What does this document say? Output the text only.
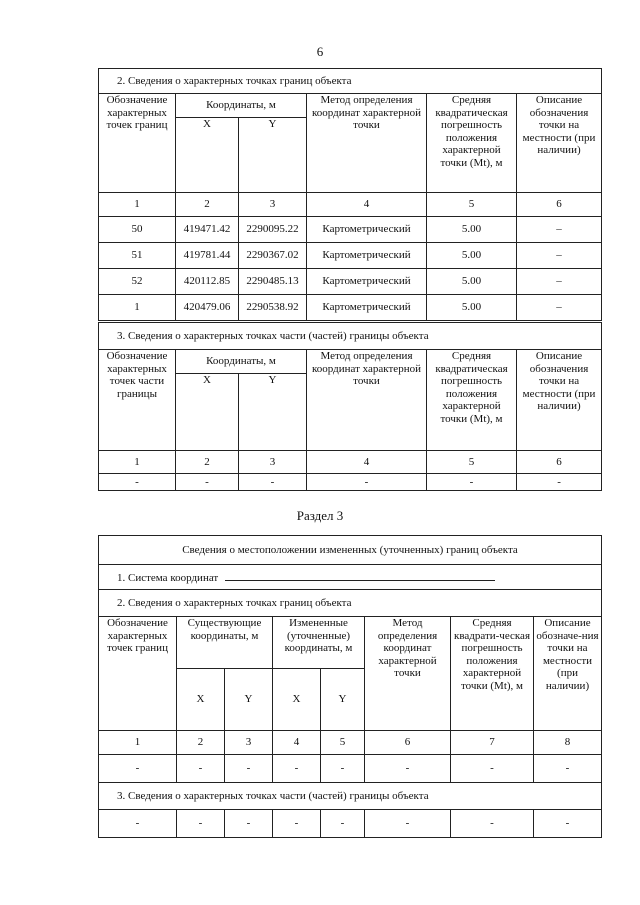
6
2. Сведения о характерных точках границ объекта					
Обозначение характерных точек границ	Координаты, м		Метод определения координат характерной точки	Средняя квадратическая погрешность положения характерной точки (Mt), м	Описание обозначения точки на местности (при наличии)
	X	Y			
1	2	3	4	5	6
50	419471.42	2290095.22	Картометрический	5.00	–
51	419781.44	2290367.02	Картометрический	5.00	–
52	420112.85	2290485.13	Картометрический	5.00	–
1	420479.06	2290538.92	Картометрический	5.00	–
3. Сведения о характерных точках части (частей) границы объекта					
Обозначение характерных точек части границы	Координаты, м		Метод определения координат характерной точки	Средняя квадратическая погрешность положения характерной точки (Mt), м	Описание обозначения точки на местности (при наличии)
	X	Y			
1	2	3	4	5	6
-	-	-	-	-	-
Раздел 3
Сведения о местоположении измененных (уточненных) границ объекта							
1. Система координат							
2. Сведения о характерных точках границ объекта							
Обозначение характерных точек границ	Существующие координаты, м		Измененные (уточненные) координаты, м		Метод определения координат характерной точки	Средняя квадрати-ческая погрешность положения характерной точки (Mt), м	Описание обозначе-ния точки на местности (при наличии)
	X	Y	X	Y			
1	2	3	4	5	6	7	8
-	-	-	-	-	-	-	-
3. Сведения о характерных точках части (частей) границы объекта							
-	-	-	-	-	-	-	-
